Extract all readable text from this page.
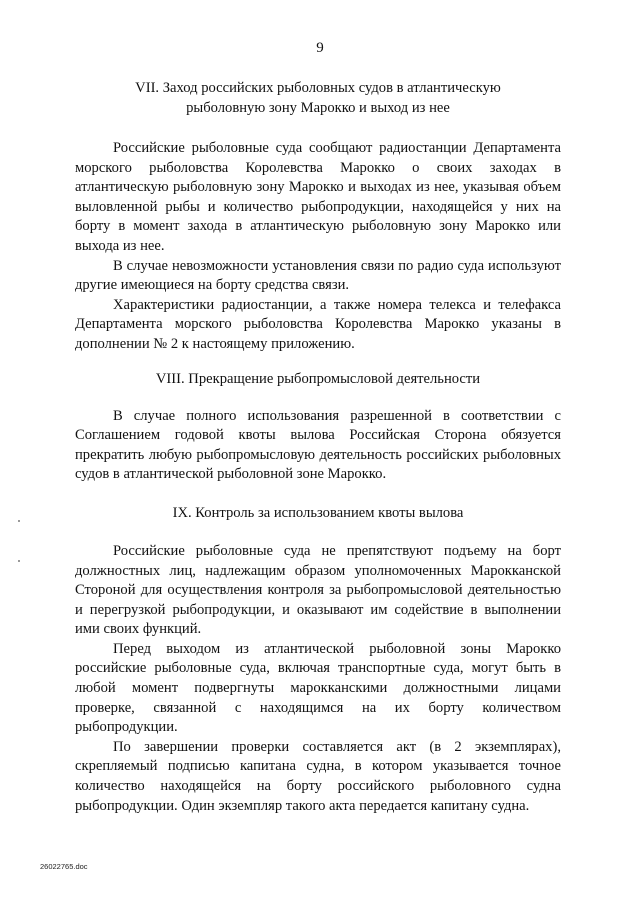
9
VII. Заход российских рыболовных судов в атлантическую
рыболовную зону Марокко и выход из нее

Российские рыболовные суда сообщают радиостанции Департамента морского рыболовства Королевства Марокко о своих заходах в атлантическую рыболовную зону Марокко и выходах из нее, указывая объем выловленной рыбы и количество рыбопродукции, находящейся у них на борту в момент захода в атлантическую рыболовную зону Марокко или выхода из нее.

В случае невозможности установления связи по радио суда используют другие имеющиеся на борту средства связи.

Характеристики радиостанции, а также номера телекса и телефакса Департамента морского рыболовства Королевства Марокко указаны в дополнении № 2 к настоящему приложению.

VIII. Прекращение рыбопромысловой деятельности

В случае полного использования разрешенной в соответствии с Соглашением годовой квоты вылова Российская Сторона обязуется прекратить любую рыбопромысловую деятельность российских рыболовных судов в атлантической рыболовной зоне Марокко.

IX. Контроль за использованием квоты вылова

Российские рыболовные суда не препятствуют подъему на борт должностных лиц, надлежащим образом уполномоченных Марокканской Стороной для осуществления контроля за рыбопромысловой деятельностью и перегрузкой рыбопродукции, и оказывают им содействие в выполнении ими своих функций.

Перед выходом из атлантической рыболовной зоны Марокко российские рыболовные суда, включая транспортные суда, могут быть в любой момент подвергнуты марокканскими должностными лицами проверке, связанной с находящимся на их борту количеством рыбопродукции.

По завершении проверки составляется акт (в 2 экземплярах), скрепляемый подписью капитана судна, в котором указывается точное количество находящейся на борту российского рыболовного судна рыбопродукции. Один экземпляр такого акта передается капитану судна.

26022765.doc
